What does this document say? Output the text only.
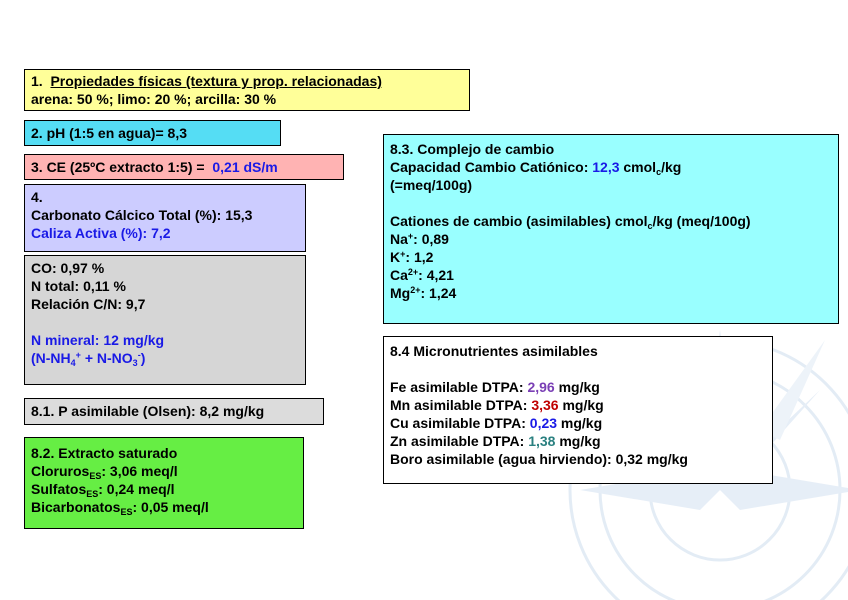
1. Propiedades físicas (textura y prop. relacionadas)
arena: 50 %; limo: 20 %; arcilla: 30 %
2. pH (1:5 en agua)= 8,3
3. CE (25ºC extracto 1:5) = 0,21 dS/m
4.
Carbonato Cálcico Total (%): 15,3
Caliza Activa (%): 7,2
CO: 0,97 %
N total: 0,11 %
Relación C/N: 9,7
N mineral: 12 mg/kg
$(N-NH_4^+ + N-NO_3^-)$
8.1. P asimilable (Olsen): 8,2 mg/kg
8.2. Extracto saturado
Cloruros$_{ES}$: 3,06 meq/l
Sulfatos$_{ES}$: 0,24 meq/l
Bicarbonatos$_{ES}$: 0,05 meq/l
8.3. Complejo de cambio
Capacidad Cambio Catiónico: 12,3 cmol$_c$/kg
(=meq/100g)
Cationes de cambio (asimilables) cmol$_c$/kg (meq/100g)
Na+: 0,89
K+: 1,2
$Ca^{2+}$: 4,21
$Mg^{2+}$: 1,24
8.4 Micronutrientes asimilables
Fe asimilable DTPA: 2,96 mg/kg
Mn asimilable DTPA: 3,36 mg/kg
Cu asimilable DTPA: 0,23 mg/kg
Zn asimilable DTPA: 1,38 mg/kg
Boro asimilable (agua hirviendo): 0,32 mg/kg
